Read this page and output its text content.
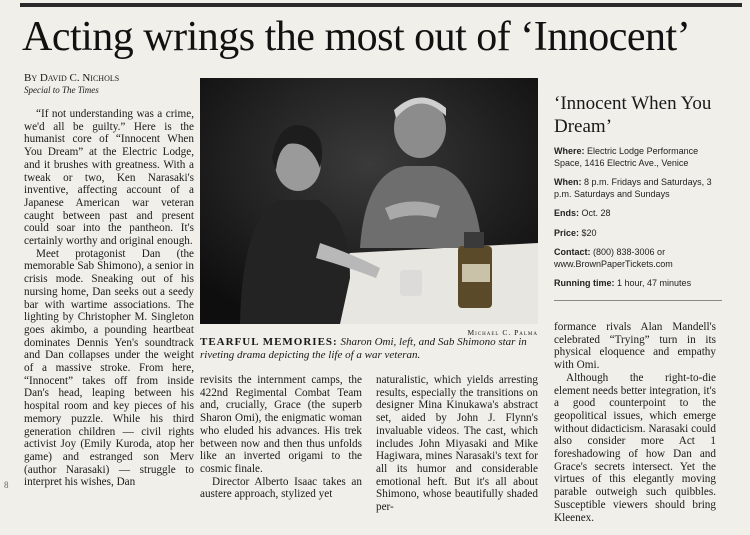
Acting wrings the most out of ‘Innocent’
By David C. Nichols
Special to The Times

“If not understanding was a crime, we'd all be guilty.” Here is the humanist core of “Innocent When You Dream” at the Electric Lodge, and it brushes with greatness. With a tweak or two, Ken Narasaki's inventive, affecting account of a Japanese American war veteran caught between past and present could soar into the pantheon. It's certainly worthy and original enough.

Meet protagonist Dan (the memorable Sab Shimono), a senior in crisis mode. Sneaking out of his nursing home, Dan seeks out a seedy bar with wartime associations. The lighting by Christopher M. Singleton goes akimbo, a pounding heartbeat dominates Dennis Yen's soundtrack and Dan collapses under the weight of a massive stroke. From here, “Innocent” takes off from inside Dan's head, leaping between his hospital room and key pieces of his memory puzzle. While his third generation children — civil rights activist Joy (Emily Kuroda, atop her game) and estranged son Merv (author Narasaki) — struggle to interpret his wishes, Dan

Michael C. Palma
TEARFUL MEMORIES: Sharon Omi, left, and Sab Shimono star in riveting drama depicting the life of a war veteran.

revisits the internment camps, the 422nd Regimental Combat Team and, crucially, Grace (the superb Sharon Omi), the enigmatic woman who eluded his advances. His trek between now and then thus unfolds like an inverted origami to the cosmic finale.

Director Alberto Isaac takes an austere approach, stylized yet

naturalistic, which yields arresting results, especially the transitions on designer Mina Kinukawa's abstract set, aided by John J. Flynn's invaluable videos. The cast, which includes John Miyasaki and Mike Hagiwara, mines Narasaki's text for all its humor and considerable emotional heft. But it's all about Shimono, whose beautifully shaded per-

‘Innocent When You Dream’
Where: Electric Lodge Performance Space, 1416 Electric Ave., Venice
When: 8 p.m. Fridays and Saturdays, 3 p.m. Saturdays and Sundays
Ends: Oct. 28
Price: $20
Contact: (800) 838-3006 or www.BrownPaperTickets.com
Running time: 1 hour, 47 minutes

formance rivals Alan Mandell's celebrated “Trying” turn in its physical eloquence and empathy with Omi.

Although the right-to-die element needs better integration, it's a good counterpoint to the geopolitical issues, which emerge without didacticism. Narasaki could also consider more Act 1 foreshadowing of how Dan and Grace's secrets intersect. Yet the virtues of this elegantly moving parable outweigh such quibbles. Susceptible viewers should bring Kleenex.

8
